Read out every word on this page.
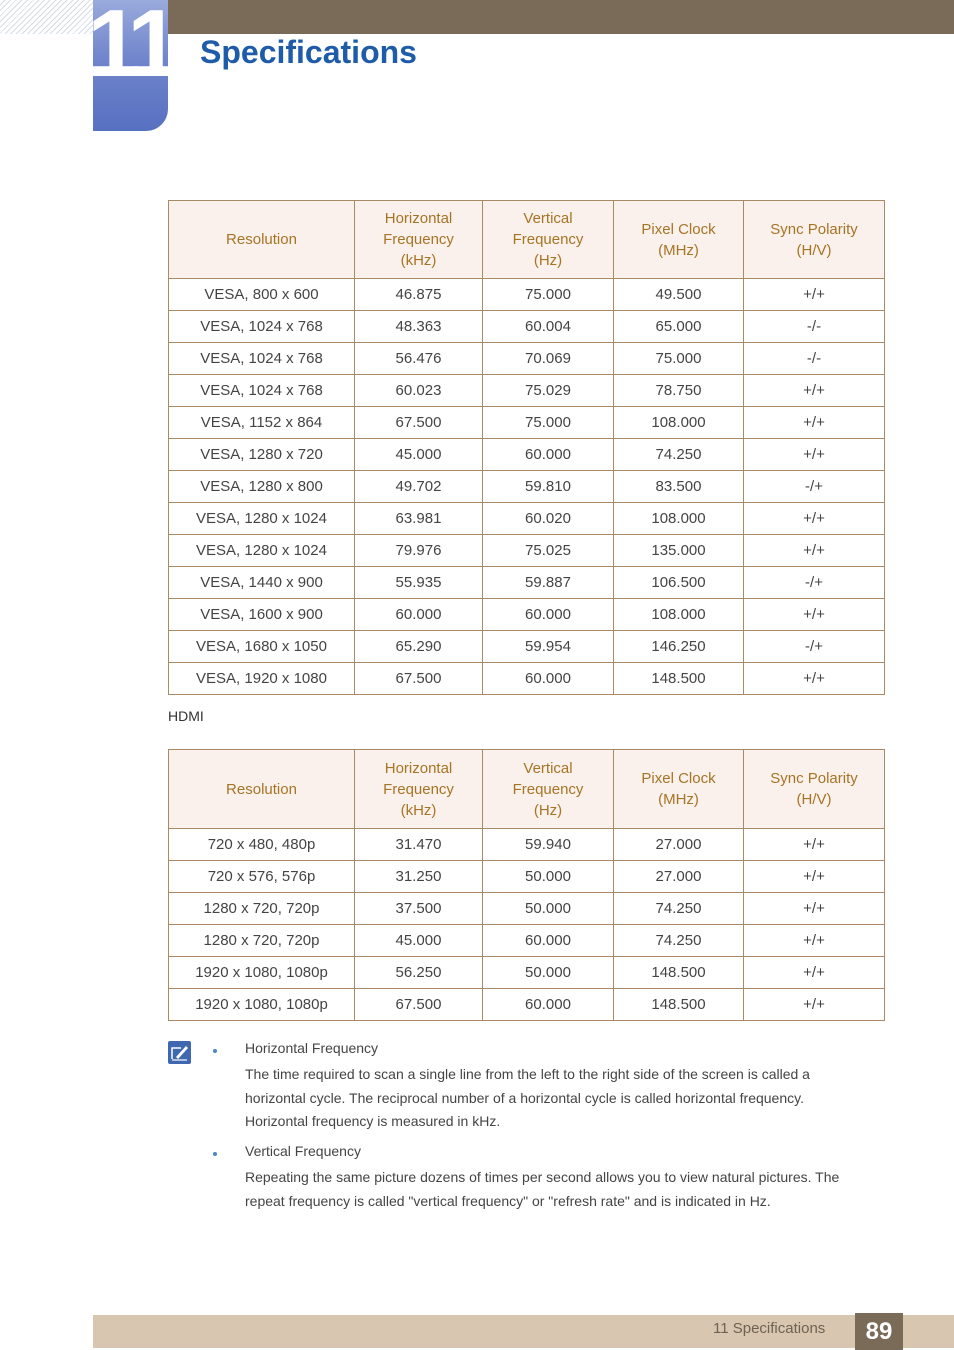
11 Specifications
Resolution	Horizontal
Frequency
(kHz)	Vertical
Frequency
(Hz)	Pixel Clock
(MHz)	Sync Polarity
(H/V)
VESA, 800 x 600	46.875	75.000	49.500	+/+
VESA, 1024 x 768	48.363	60.004	65.000	-/-
VESA, 1024 x 768	56.476	70.069	75.000	-/-
VESA, 1024 x 768	60.023	75.029	78.750	+/+
VESA, 1152 x 864	67.500	75.000	108.000	+/+
VESA, 1280 x 720	45.000	60.000	74.250	+/+
VESA, 1280 x 800	49.702	59.810	83.500	-/+
VESA, 1280 x 1024	63.981	60.020	108.000	+/+
VESA, 1280 x 1024	79.976	75.025	135.000	+/+
VESA, 1440 x 900	55.935	59.887	106.500	-/+
VESA, 1600 x 900	60.000	60.000	108.000	+/+
VESA, 1680 x 1050	65.290	59.954	146.250	-/+
VESA, 1920 x 1080	67.500	60.000	148.500	+/+
HDMI
Resolution	Horizontal
Frequency
(kHz)	Vertical
Frequency
(Hz)	Pixel Clock
(MHz)	Sync Polarity
(H/V)
720 x 480, 480p	31.470	59.940	27.000	+/+
720 x 576, 576p	31.250	50.000	27.000	+/+
1280 x 720, 720p	37.500	50.000	74.250	+/+
1280 x 720, 720p	45.000	60.000	74.250	+/+
1920 x 1080, 1080p	56.250	50.000	148.500	+/+
1920 x 1080, 1080p	67.500	60.000	148.500	+/+
Horizontal Frequency
The time required to scan a single line from the left to the right side of the screen is called a horizontal cycle. The reciprocal number of a horizontal cycle is called horizontal frequency. Horizontal frequency is measured in kHz.
Vertical Frequency
Repeating the same picture dozens of times per second allows you to view natural pictures. The repeat frequency is called "vertical frequency" or "refresh rate" and is indicated in Hz.
11 Specifications	89
